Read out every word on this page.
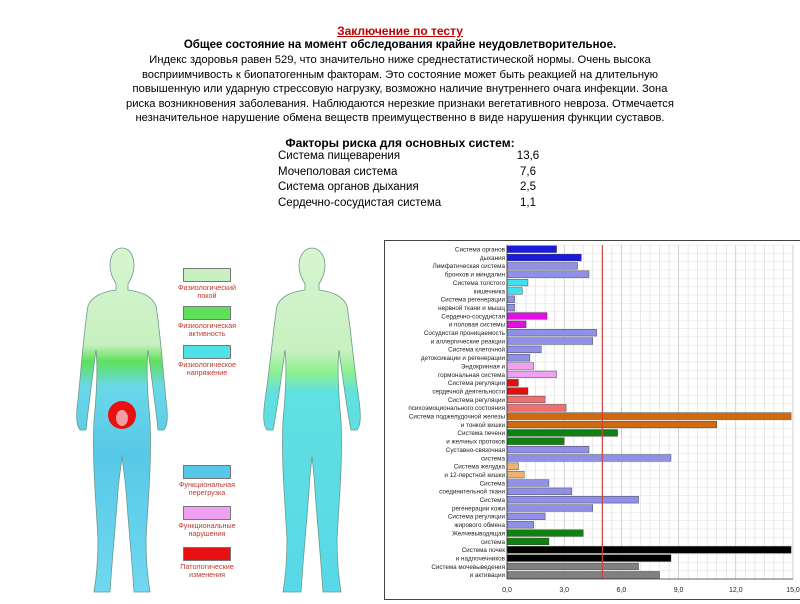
Заключение по тесту
Общее состояние на момент обследования крайне неудовлетворительное.
Индекс здоровья равен 529, что значительно ниже среднестатистической нормы. Очень высока восприимчивость к биопатогенным факторам. Это состояние может быть реакцией на длительную повышенную или ударную стрессовую нагрузку, возможно наличие внутреннего очага инфекции. Зона риска возникновения заболевания. Наблюдаются нерезкие признаки вегетативного невроза. Отмечается незначительное нарушение обмена веществ преимущественно в виде нарушения функции суставов.
Факторы риска для основных систем:
Система пищеварения	13,6
Мочеполовая система	7,6
Система органов дыхания	2,5
Сердечно-сосудистая система	1,1
Физиологический покой
Физиологическая активность
Физиологическое напряжение
Функциональная перегрузка
Функциональные нарушения
Патологические изменения
Система органов
дыхания
Лимфатическая система
бронхов и миндалин
Система толстого
кишечника
Система регенерации
нервной ткани и мышц
Сердечно-сосудистая
и половая системы
Сосудистая проницаемость
и аллергические реакции
Система клеточной
детоксикации и регенерации
Эндокринная и
гормональная система
Система регуляции
сердечной деятельности
Система регуляции
психоэмоционального состояния
Система поджелудочной железы
и тонкой кишки
Система печени
и желчных протоков
Суставно-связочная
система
Система желудка
и 12-перстной кишки
Система
соединительной ткани
Система
регенерации кожи
Система регуляции
жирового обмена
Желчевыводящая
система
Система почек
и надпочечников
Система мочевыведения
и активации
0,0	3,0	6,0	9,0	12,0	15,0
